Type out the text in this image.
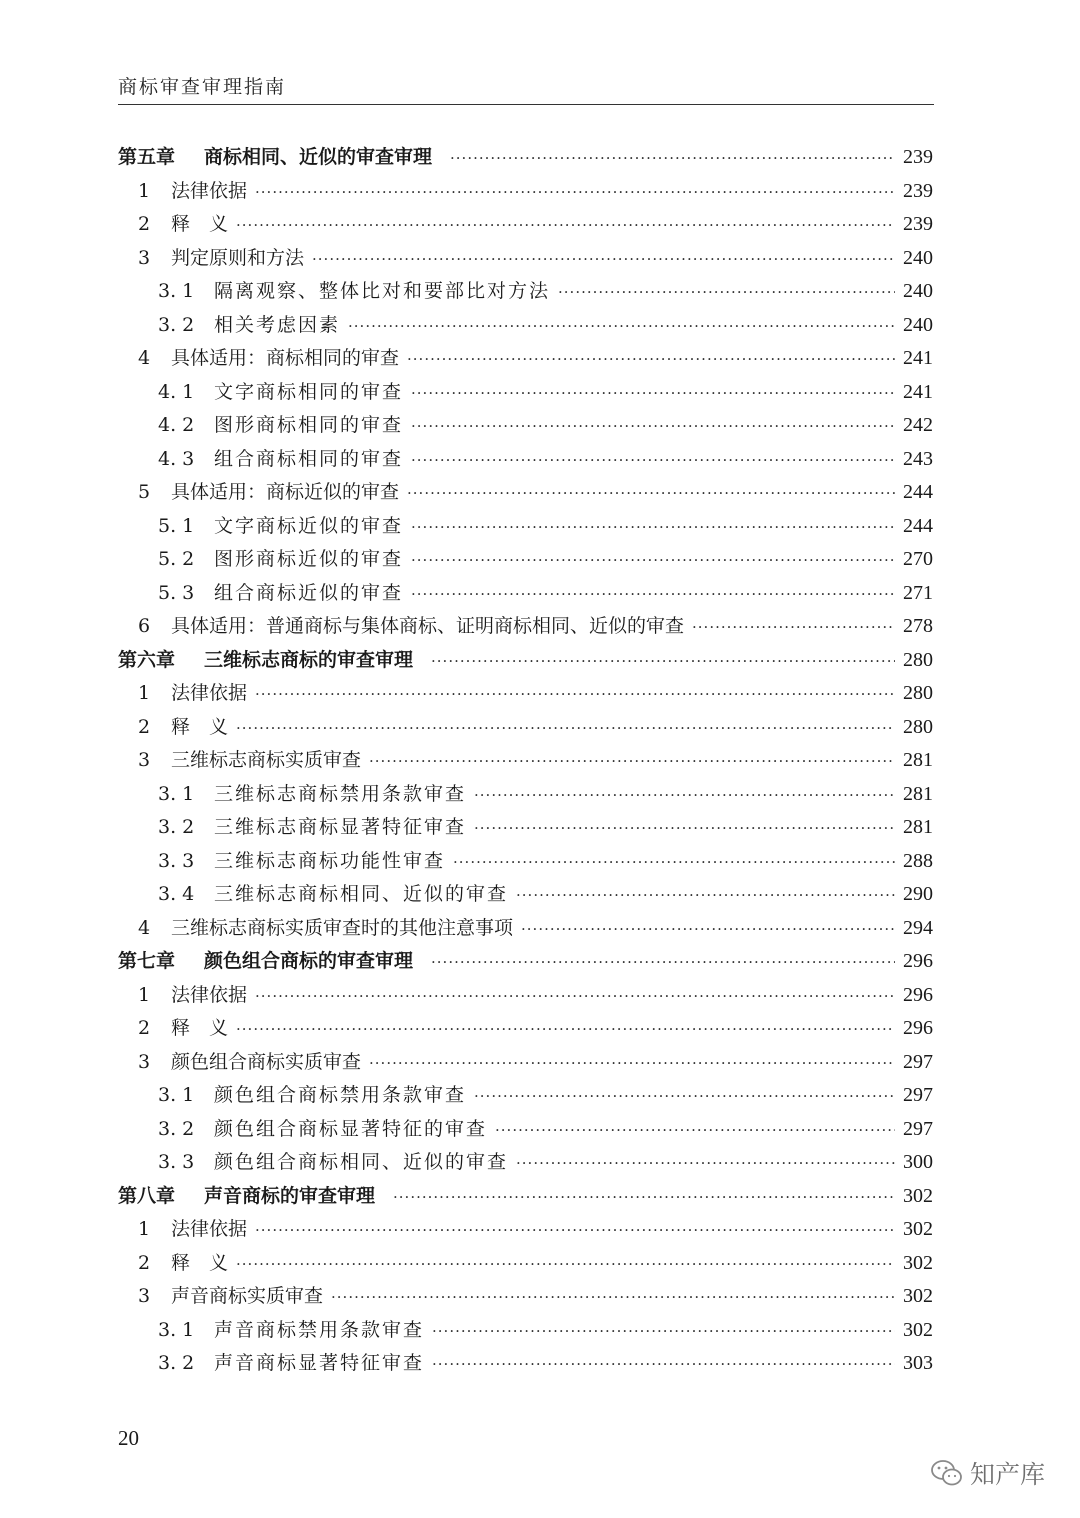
商标审查审理指南
第五章	商标相同、近似的审查审理 ·····	239
1	法律依据 ·····	239
2	释　义 ·····	239
3	判定原则和方法 ·····	240
3. 1	隔离观察、整体比对和要部比对方法 ·····	240
3. 2	相关考虑因素 ·····	240
4	具体适用：商标相同的审查 ·····	241
4. 1	文字商标相同的审查 ·····	241
4. 2	图形商标相同的审查 ·····	242
4. 3	组合商标相同的审查 ·····	243
5	具体适用：商标近似的审查 ·····	244
5. 1	文字商标近似的审查 ·····	244
5. 2	图形商标近似的审查 ·····	270
5. 3	组合商标近似的审查 ·····	271
6	具体适用：普通商标与集体商标、证明商标相同、近似的审查 ·····	278
第六章	三维标志商标的审查审理 ·····	280
1	法律依据 ·····	280
2	释　义 ·····	280
3	三维标志商标实质审查 ·····	281
3. 1	三维标志商标禁用条款审查 ·····	281
3. 2	三维标志商标显著特征审查 ·····	281
3. 3	三维标志商标功能性审查 ·····	288
3. 4	三维标志商标相同、近似的审查 ·····	290
4	三维标志商标实质审查时的其他注意事项 ·····	294
第七章	颜色组合商标的审查审理 ·····	296
1	法律依据 ·····	296
2	释　义 ·····	296
3	颜色组合商标实质审查 ·····	297
3. 1	颜色组合商标禁用条款审查 ·····	297
3. 2	颜色组合商标显著特征的审查 ·····	297
3. 3	颜色组合商标相同、近似的审查 ·····	300
第八章	声音商标的审查审理 ·····	302
1	法律依据 ·····	302
2	释　义 ·····	302
3	声音商标实质审查 ·····	302
3. 1	声音商标禁用条款审查 ·····	302
3. 2	声音商标显著特征审查 ·····	303
20
知产库
